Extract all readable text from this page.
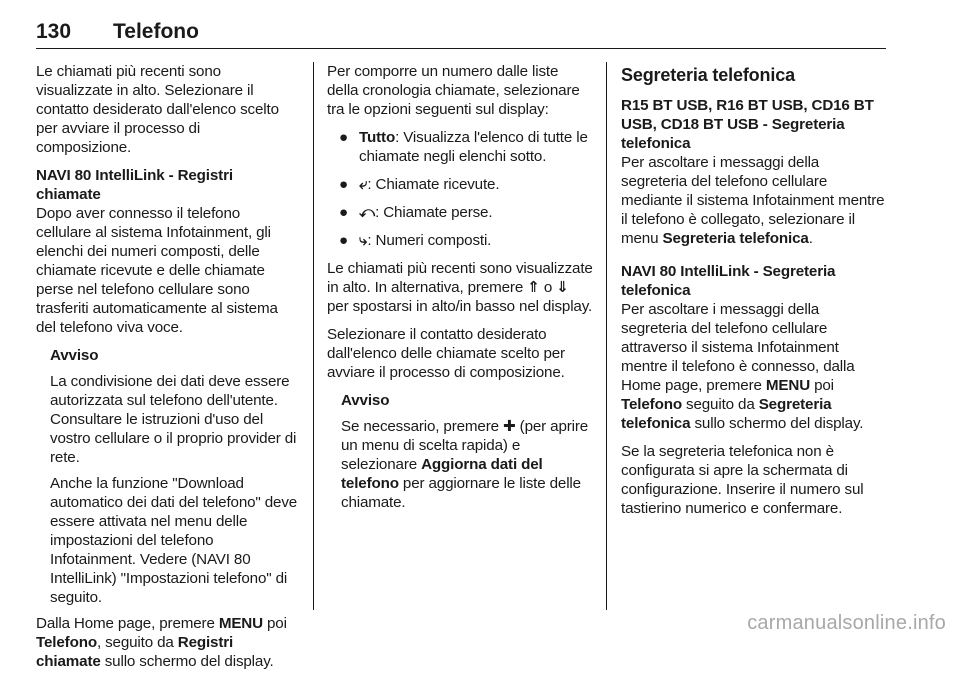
130 Telefono

Le chiamati più recenti sono visualizzate in alto. Selezionare il contatto desiderato dall'elenco scelto per avviare il processo di composizione.

NAVI 80 IntelliLink - Registri chiamate

Dopo aver connesso il telefono cellulare al sistema Infotainment, gli elenchi dei numeri composti, delle chiamate ricevute e delle chiamate perse nel telefono cellulare sono trasferiti automaticamente al sistema del telefono viva voce.

Avviso

La condivisione dei dati deve essere autorizzata sul telefono dell'utente. Consultare le istruzioni d'uso del vostro cellulare o il proprio provider di rete.

Anche la funzione "Download automatico dei dati del telefono" deve essere attivata nel menu delle impostazioni del telefono Infotainment. Vedere (NAVI 80 IntelliLink) "Impostazioni telefono" di seguito.

Dalla Home page, premere MENU poi Telefono, seguito da Registri chiamate sullo schermo del display.

Per comporre un numero dalle liste della cronologia chiamate, selezionare tra le opzioni seguenti sul display:

● Tutto: Visualizza l'elenco di tutte le chiamate negli elenchi sotto.
● ⤶: Chiamate ricevute.
● ⤺: Chiamate perse.
● ⤷: Numeri composti.

Le chiamati più recenti sono visualizzate in alto. In alternativa, premere ⇑ o ⇓ per spostarsi in alto/in basso nel display.

Selezionare il contatto desiderato dall'elenco delle chiamate scelto per avviare il processo di composizione.

Avviso

Se necessario, premere ✚ (per aprire un menu di scelta rapida) e selezionare Aggiorna dati del telefono per aggiornare le liste delle chiamate.

Segreteria telefonica

R15 BT USB, R16 BT USB, CD16 BT USB, CD18 BT USB - Segreteria telefonica

Per ascoltare i messaggi della segreteria del telefono cellulare mediante il sistema Infotainment mentre il telefono è collegato, selezionare il menu Segreteria telefonica.

NAVI 80 IntelliLink - Segreteria telefonica

Per ascoltare i messaggi della segreteria del telefono cellulare attraverso il sistema Infotainment mentre il telefono è connesso, dalla Home page, premere MENU poi Telefono seguito da Segreteria telefonica sullo schermo del display.

Se la segreteria telefonica non è configurata si apre la schermata di configurazione. Inserire il numero sul tastierino numerico e confermare.

carmanualsonline.info
